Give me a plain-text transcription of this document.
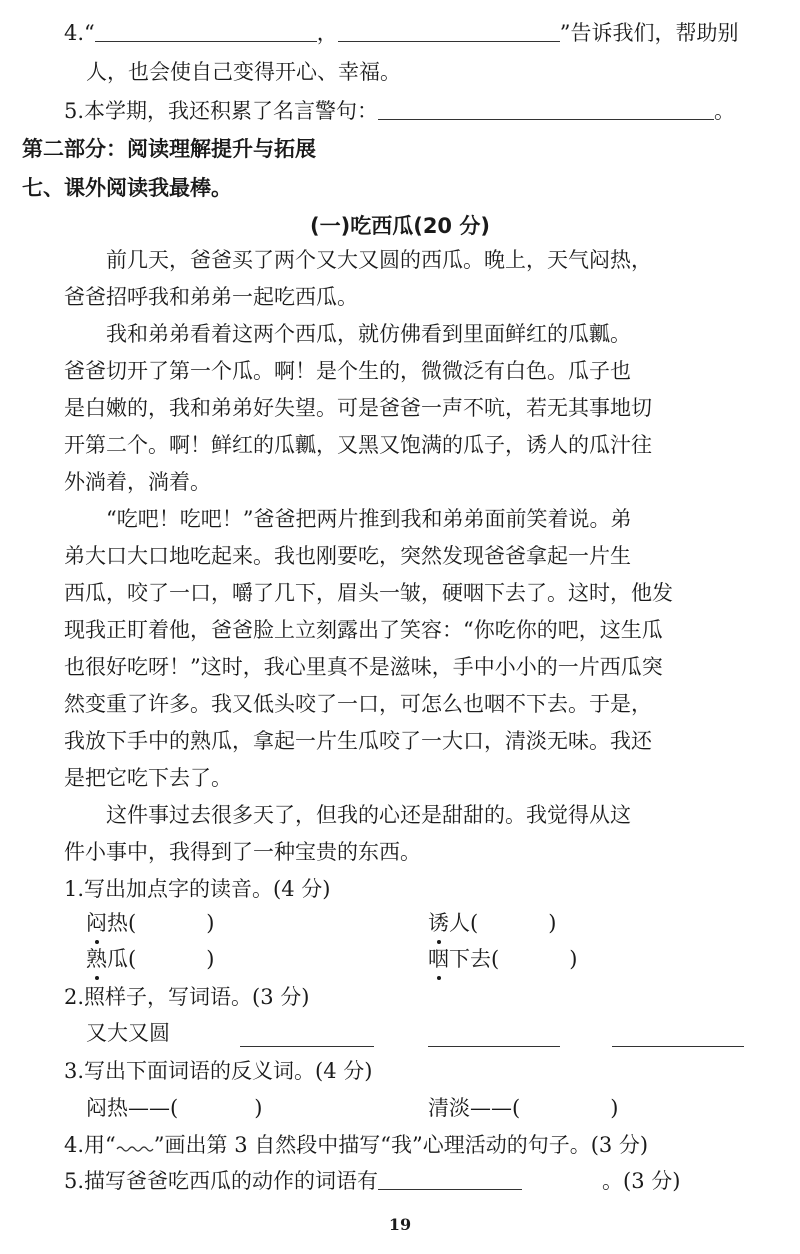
4.“	，	”告诉我们，帮助别
人，也会使自己变得开心、幸福。
5.本学期，我还积累了名言警句：	。
第二部分：阅读理解提升与拓展
七、课外阅读我最棒。
(一)吃西瓜(20 分)
前几天，爸爸买了两个又大又圆的西瓜。晚上，天气闷热，
爸爸招呼我和弟弟一起吃西瓜。
我和弟弟看着这两个西瓜，就仿佛看到里面鲜红的瓜瓤。
爸爸切开了第一个瓜。啊！是个生的，微微泛有白色。瓜子也
是白嫩的，我和弟弟好失望。可是爸爸一声不吭，若无其事地切
开第二个。啊！鲜红的瓜瓤，又黑又饱满的瓜子，诱人的瓜汁往
外淌着，淌着。
“吃吧！吃吧！”爸爸把两片推到我和弟弟面前笑着说。弟
弟大口大口地吃起来。我也刚要吃，突然发现爸爸拿起一片生
西瓜，咬了一口，嚼了几下，眉头一皱，硬咽下去了。这时，他发
现我正盯着他，爸爸脸上立刻露出了笑容：“你吃你的吧，这生瓜
也很好吃呀！”这时，我心里真不是滋味，手中小小的一片西瓜突
然变重了许多。我又低头咬了一口，可怎么也咽不下去。于是，
我放下手中的熟瓜，拿起一片生瓜咬了一大口，清淡无味。我还
是把它吃下去了。
这件事过去很多天了，但我的心还是甜甜的。我觉得从这
件小事中，我得到了一种宝贵的东西。
1.写出加点字的读音。(4 分)
闷热(	)	诱人(	)
熟瓜(	)	咽下去(	)
2.照样子，写词语。(3 分)
又大又圆
3.写出下面词语的反义词。(4 分)
闷热——(	)	清淡——(	)
4.用“ ”画出第 3 自然段中描写“我”心理活动的句子。(3 分)
5.描写爸爸吃西瓜的动作的词语有	。(3 分)
19
